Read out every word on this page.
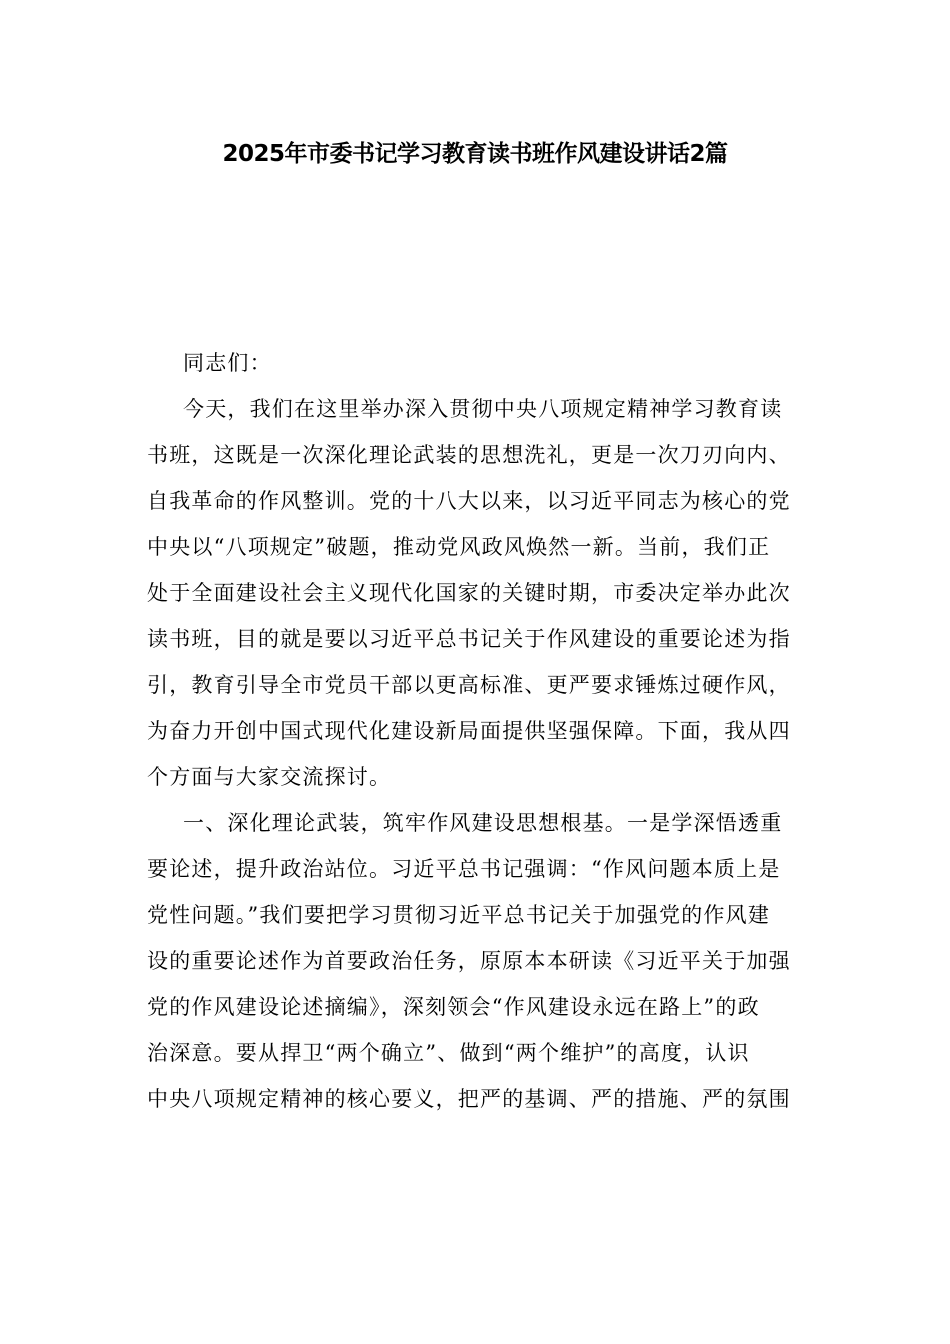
2025年市委书记学习教育读书班作风建设讲话2篇
同志们：
今天，我们在这里举办深入贯彻中央八项规定精神学习教育读
书班，这既是一次深化理论武装的思想洗礼，更是一次刀刃向内、
自我革命的作风整训。党的十八大以来，以习近平同志为核心的党
中央以“八项规定”破题，推动党风政风焕然一新。当前，我们正
处于全面建设社会主义现代化国家的关键时期，市委决定举办此次
读书班，目的就是要以习近平总书记关于作风建设的重要论述为指
引，教育引导全市党员干部以更高标准、更严要求锤炼过硬作风，
为奋力开创中国式现代化建设新局面提供坚强保障。下面，我从四
个方面与大家交流探讨。
一、深化理论武装，筑牢作风建设思想根基。一是学深悟透重
要论述，提升政治站位。习近平总书记强调：“作风问题本质上是
党性问题。”我们要把学习贯彻习近平总书记关于加强党的作风建
设的重要论述作为首要政治任务，原原本本研读《习近平关于加强
党的作风建设论述摘编》，深刻领会“作风建设永远在路上”的政
治深意。要从捍卫“两个确立”、做到“两个维护”的高度，认识
中央八项规定精神的核心要义，把严的基调、严的措施、严的氛围
